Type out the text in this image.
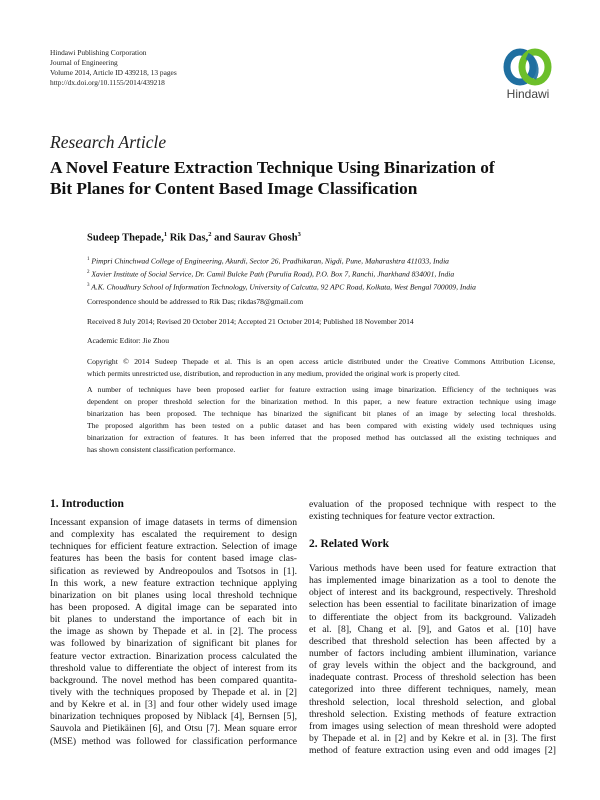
Hindawi Publishing Corporation
Journal of Engineering
Volume 2014, Article ID 439218, 13 pages
http://dx.doi.org/10.1155/2014/439218
Hindawi
Research Article
A Novel Feature Extraction Technique Using Binarization of
Bit Planes for Content Based Image Classification
Sudeep Thepade,$^1$ Rik Das,$^2$ and Saurav Ghosh$^3$
$^1$ Pimpri Chinchwad College of Engineering, Akurdi, Sector 26, Pradhikaran, Nigdi, Pune, Maharashtra 411033, India
$^2$ Xavier Institute of Social Service, Dr. Camil Bulcke Path (Purulia Road), P.O. Box 7, Ranchi, Jharkhand 834001, India
$^3$ A.K. Choudhury School of Information Technology, University of Calcutta, 92 APC Road, Kolkata, West Bengal 700009, India
Correspondence should be addressed to Rik Das; rikdas78@gmail.com
Received 8 July 2014; Revised 20 October 2014; Accepted 21 October 2014; Published 18 November 2014
Academic Editor: Jie Zhou
Copyright © 2014 Sudeep Thepade et al. This is an open access article distributed under the Creative Commons Attribution License,
which permits unrestricted use, distribution, and reproduction in any medium, provided the original work is properly cited.
A number of techniques have been proposed earlier for feature extraction using image binarization. Efficiency of the techniques was
dependent on proper threshold selection for the binarization method. In this paper, a new feature extraction technique using image
binarization has been proposed. The technique has binarized the significant bit planes of an image by selecting local thresholds.
The proposed algorithm has been tested on a public dataset and has been compared with existing widely used techniques using
binarization for extraction of features. It has been inferred that the proposed method has outclassed all the existing techniques and
has shown consistent classification performance.
1. Introduction
Incessant expansion of image datasets in terms of dimension
and complexity has escalated the requirement to design
techniques for efficient feature extraction. Selection of image
features has been the basis for content based image clas-
sification as reviewed by Andreopoulos and Tsotsos in [1].
In this work, a new feature extraction technique applying
binarization on bit planes using local threshold technique
has been proposed. A digital image can be separated into
bit planes to understand the importance of each bit in
the image as shown by Thepade et al. in [2]. The process
was followed by binarization of significant bit planes for
feature vector extraction. Binarization process calculated the
threshold value to differentiate the object of interest from its
background. The novel method has been compared quantita-
tively with the techniques proposed by Thepade et al. in [2]
and by Kekre et al. in [3] and four other widely used image
binarization techniques proposed by Niblack [4], Bernsen [5],
Sauvola and Pietikäinen [6], and Otsu [7]. Mean square error
(MSE) method was followed for classification performance
evaluation of the proposed technique with respect to the
existing techniques for feature vector extraction.
2. Related Work
Various methods have been used for feature extraction that
has implemented image binarization as a tool to denote the
object of interest and its background, respectively. Threshold
selection has been essential to facilitate binarization of image
to differentiate the object from its background. Valizadeh
et al. [8], Chang et al. [9], and Gatos et al. [10] have
described that threshold selection has been affected by a
number of factors including ambient illumination, variance
of gray levels within the object and the background, and
inadequate contrast. Process of threshold selection has been
categorized into three different techniques, namely, mean
threshold selection, local threshold selection, and global
threshold selection. Existing methods of feature extraction
from images using selection of mean threshold were adopted
by Thepade et al. in [2] and by Kekre et al. in [3]. The first
method of feature extraction using even and odd images [2]
